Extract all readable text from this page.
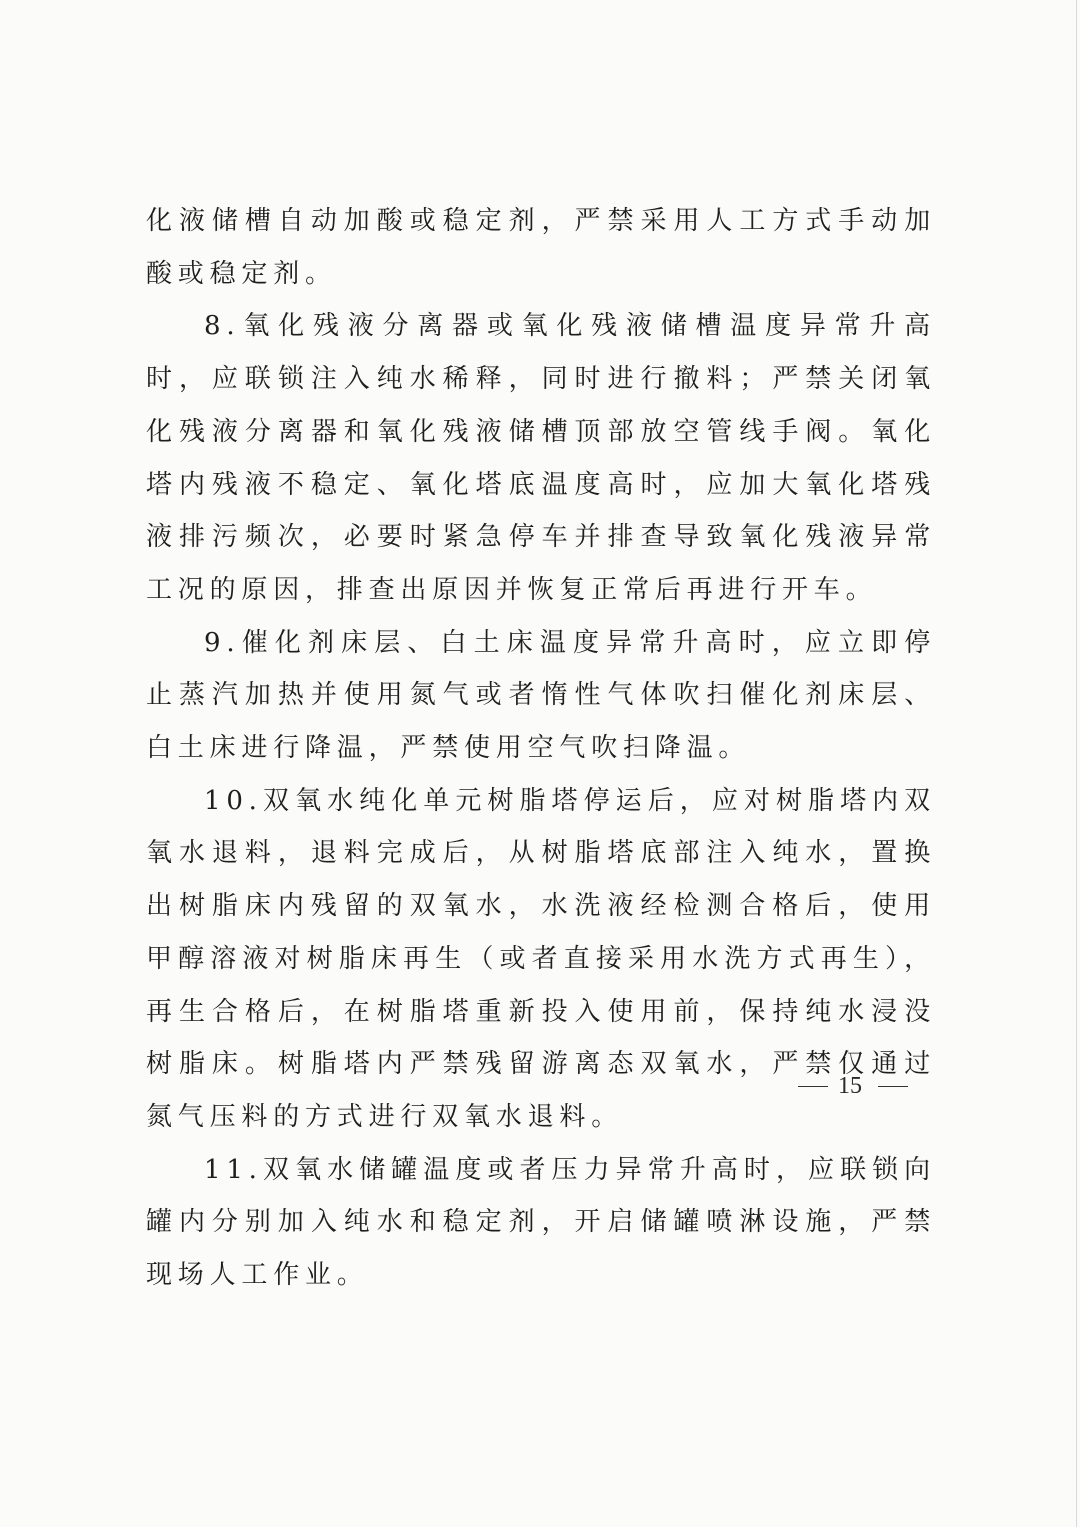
化液储槽自动加酸或稳定剂，严禁采用人工方式手动加酸或稳定剂。

8.氧化残液分离器或氧化残液储槽温度异常升高时，应联锁注入纯水稀释，同时进行撤料；严禁关闭氧化残液分离器和氧化残液储槽顶部放空管线手阀。氧化塔内残液不稳定、氧化塔底温度高时，应加大氧化塔残液排污频次，必要时紧急停车并排查导致氧化残液异常工况的原因，排查出原因并恢复正常后再进行开车。

9.催化剂床层、白土床温度异常升高时，应立即停止蒸汽加热并使用氮气或者惰性气体吹扫催化剂床层、白土床进行降温，严禁使用空气吹扫降温。

10.双氧水纯化单元树脂塔停运后，应对树脂塔内双氧水退料，退料完成后，从树脂塔底部注入纯水，置换出树脂床内残留的双氧水，水洗液经检测合格后，使用甲醇溶液对树脂床再生（或者直接采用水洗方式再生），再生合格后，在树脂塔重新投入使用前，保持纯水浸没树脂床。树脂塔内严禁残留游离态双氧水，严禁仅通过氮气压料的方式进行双氧水退料。

11.双氧水储罐温度或者压力异常升高时，应联锁向罐内分别加入纯水和稳定剂，开启储罐喷淋设施，严禁现场人工作业。

15
